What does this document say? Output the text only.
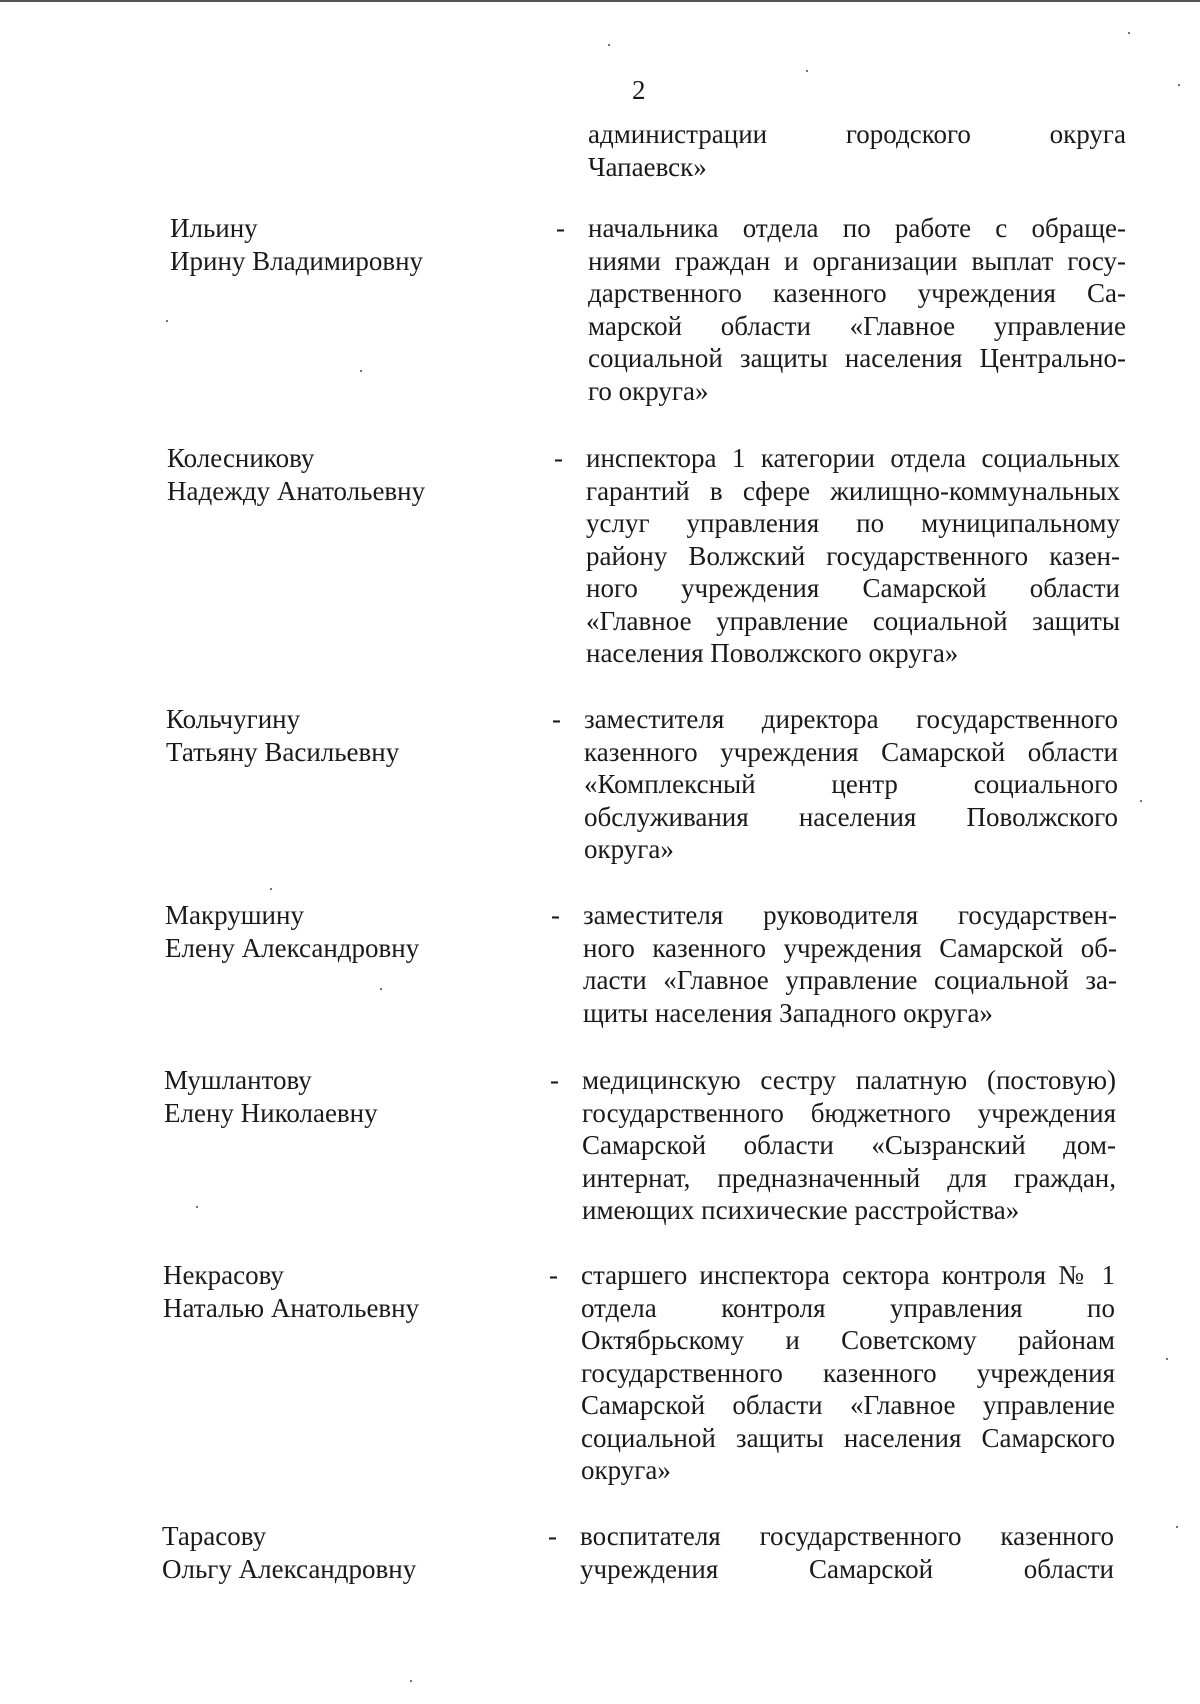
2
администрации городского округа
Чапаевск»
Ильину
Ирину Владимировну
- начальника отдела по работе с обраще-
ниями граждан и организации выплат госу-
дарственного казенного учреждения Са-
марской области «Главное управление
социальной защиты населения Центрально-
го округа»
Колесникову
Надежду Анатольевну
- инспектора 1 категории отдела социальных
гарантий в сфере жилищно-коммунальных
услуг управления по муниципальному
району Волжский государственного казен-
ного учреждения Самарской области
«Главное управление социальной защиты
населения Поволжского округа»
Кольчугину
Татьяну Васильевну
- заместителя директора государственного
казенного учреждения Самарской области
«Комплексный центр социального
обслуживания населения Поволжского
округа»
Макрушину
Елену Александровну
- заместителя руководителя государствен-
ного казенного учреждения Самарской об-
ласти «Главное управление социальной за-
щиты населения Западного округа»
Мушлантову
Елену Николаевну
- медицинскую сестру палатную (постовую)
государственного бюджетного учреждения
Самарской области «Сызранский дом-
интернат, предназначенный для граждан,
имеющих психические расстройства»
Некрасову
Наталью Анатольевну
- старшего инспектора сектора контроля № 1
отдела контроля управления по
Октябрьскому и Советскому районам
государственного казенного учреждения
Самарской области «Главное управление
социальной защиты населения Самарского
округа»
Тарасову
Ольгу Александровну
- воспитателя государственного казенного
учреждения Самарской области
